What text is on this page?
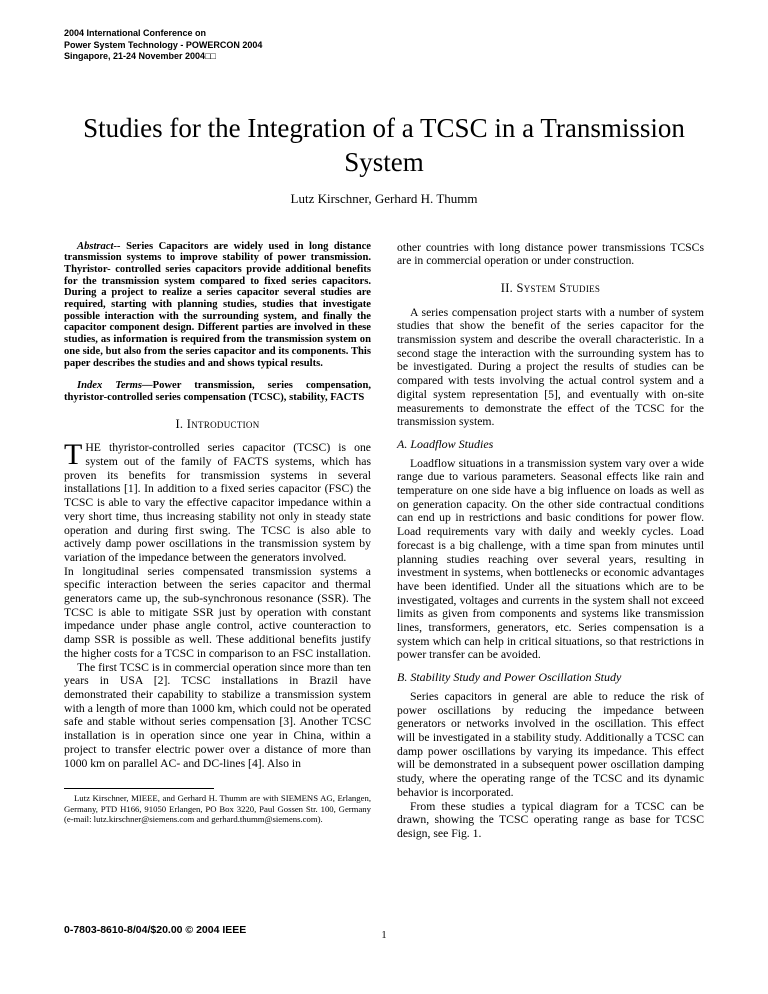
2004 International Conference on
Power System Technology - POWERCON 2004
Singapore, 21-24 November 2004□□
Studies for the Integration of a TCSC in a Transmission System
Lutz Kirschner, Gerhard H. Thumm

Abstract-- Series Capacitors are widely used in long distance transmission systems to improve stability of power transmission. Thyristor- controlled series capacitors provide additional benefits for the transmission system compared to fixed series capacitors. During a project to realize a series capacitor several studies are required, starting with planning studies, studies that investigate possible interaction with the surrounding system, and finally the capacitor component design. Different parties are involved in these studies, as information is required from the transmission system on one side, but also from the series capacitor and its components. This paper describes the studies and and shows typical results.

Index Terms—Power transmission, series compensation, thyristor-controlled series compensation (TCSC), stability, FACTS

I. Introduction

THE thyristor-controlled series capacitor (TCSC) is one system out of the family of FACTS systems, which has proven its benefits for transmission systems in several installations [1]. In addition to a fixed series capacitor (FSC) the TCSC is able to vary the effective capacitor impedance within a very short time, thus increasing stability not only in steady state operation and during first swing. The TCSC is also able to actively damp power oscillations in the transmission system by variation of the impedance between the generators involved.

In longitudinal series compensated transmission systems a specific interaction between the series capacitor and thermal generators came up, the sub-synchronous resonance (SSR). The TCSC is able to mitigate SSR just by operation with constant impedance under phase angle control, active counteraction to damp SSR is possible as well. These additional benefits justify the higher costs for a TCSC in comparison to an FSC installation.

The first TCSC is in commercial operation since more than ten years in USA [2]. TCSC installations in Brazil have demonstrated their capability to stabilize a transmission system with a length of more than 1000 km, which could not be operated safe and stable without series compensation [3]. Another TCSC installation is in operation since one year in China, within a project to transfer electric power over a distance of more than 1000 km on parallel AC- and DC-lines [4]. Also in

Lutz Kirschner, MIEEE, and Gerhard H. Thumm are with SIEMENS AG, Erlangen, Germany, PTD H166, 91050 Erlangen, PO Box 3220, Paul Gossen Str. 100, Germany (e-mail: lutz.kirschner@siemens.com and gerhard.thumm@siemens.com).

other countries with long distance power transmissions TCSCs are in commercial operation or under construction.

II. System Studies

A series compensation project starts with a number of system studies that show the benefit of the series capacitor for the transmission system and describe the overall characteristic. In a second stage the interaction with the surrounding system has to be investigated. During a project the results of studies can be compared with tests involving the actual control system and a digital system representation [5], and eventually with on-site measurements to demonstrate the effect of the TCSC for the transmission system.

A. Loadflow Studies

Loadflow situations in a transmission system vary over a wide range due to various parameters. Seasonal effects like rain and temperature on one side have a big influence on loads as well as on generation capacity. On the other side contractual conditions can end up in restrictions and basic conditions for power flow. Load requirements vary with daily and weekly cycles. Load forecast is a big challenge, with a time span from minutes until planning studies reaching over several years, resulting in investment in systems, when bottlenecks or economic advantages have been identified. Under all the situations which are to be investigated, voltages and currents in the system shall not exceed limits as given from components and systems like transmission lines, transformers, generators, etc. Series compensation is a system which can help in critical situations, so that restrictions in power transfer can be avoided.

B. Stability Study and Power Oscillation Study

Series capacitors in general are able to reduce the risk of power oscillations by reducing the impedance between generators or networks involved in the oscillation. This effect will be investigated in a stability study. Additionally a TCSC can damp power oscillations by varying its impedance. This effect will be demonstrated in a subsequent power oscillation damping study, where the operating range of the TCSC and its dynamic behavior is incorporated.

From these studies a typical diagram for a TCSC can be drawn, showing the TCSC operating range as base for TCSC design, see Fig. 1.

0-7803-8610-8/04/$20.00 © 2004 IEEE	1
